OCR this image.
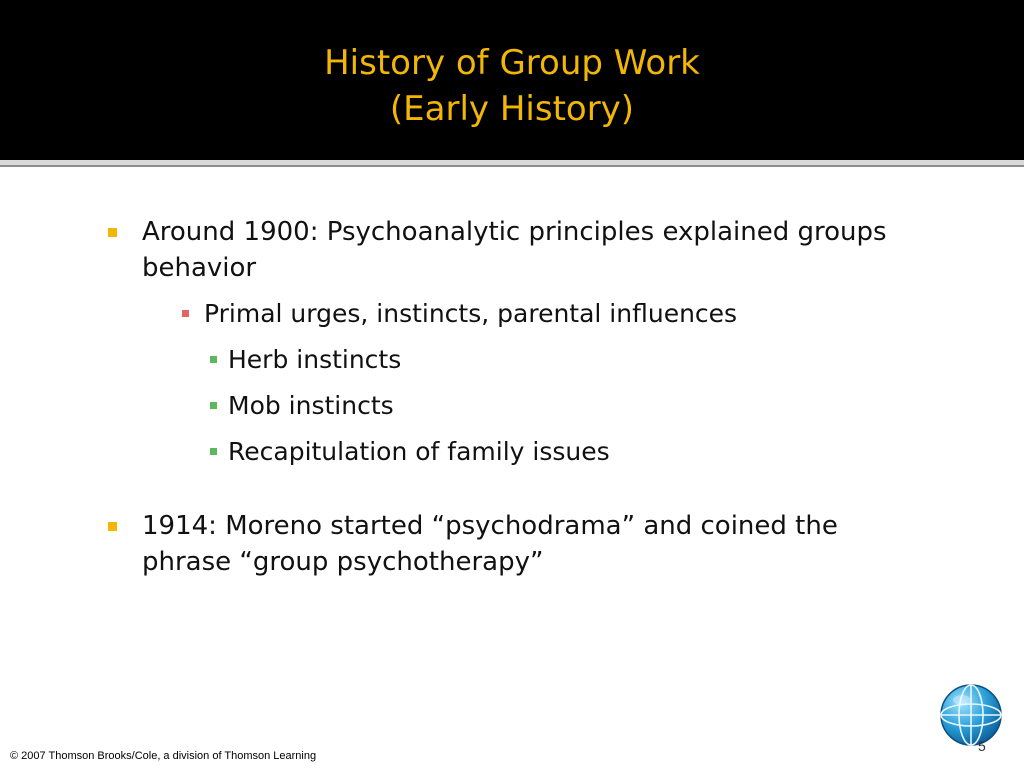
History of Group Work
(Early History)
Around 1900: Psychoanalytic principles explained groups behavior
Primal urges, instincts, parental influences
Herb instincts
Mob instincts
Recapitulation of family issues
1914: Moreno started “psychodrama” and coined the phrase “group psychotherapy”
© 2007 Thomson Brooks/Cole, a division of Thomson Learning
5
